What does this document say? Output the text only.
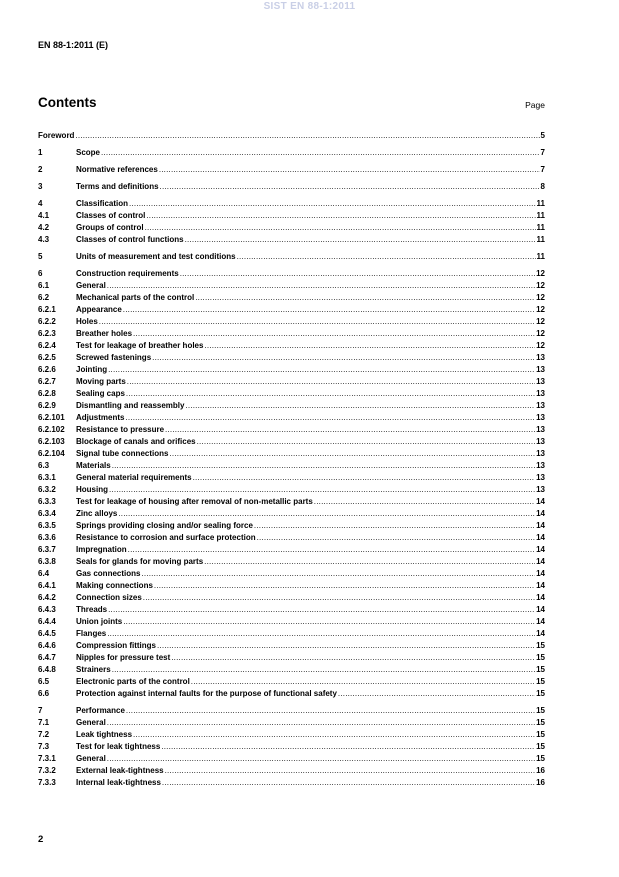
SIST EN 88-1:2011
EN 88-1:2011 (E)
Contents	Page
Foreword .....	5
1	Scope .....	7
2	Normative references .....	7
3	Terms and definitions .....	8
4	Classification .....	11
4.1	Classes of control .....	11
4.2	Groups of control .....	11
4.3	Classes of control functions .....	11
5	Units of measurement and test conditions .....	11
6	Construction requirements .....	12
6.1	General .....	12
6.2	Mechanical parts of the control .....	12
6.2.1	Appearance .....	12
6.2.2	Holes .....	12
6.2.3	Breather holes .....	12
6.2.4	Test for leakage of breather holes .....	12
6.2.5	Screwed fastenings .....	13
6.2.6	Jointing .....	13
6.2.7	Moving parts .....	13
6.2.8	Sealing caps .....	13
6.2.9	Dismantling and reassembly .....	13
6.2.101	Adjustments .....	13
6.2.102	Resistance to pressure .....	13
6.2.103	Blockage of canals and orifices .....	13
6.2.104	Signal tube connections .....	13
6.3	Materials .....	13
6.3.1	General material requirements .....	13
6.3.2	Housing .....	13
6.3.3	Test for leakage of housing after removal of non-metallic parts .....	14
6.3.4	Zinc alloys .....	14
6.3.5	Springs providing closing and/or sealing force .....	14
6.3.6	Resistance to corrosion and surface protection .....	14
6.3.7	Impregnation .....	14
6.3.8	Seals for glands for moving parts .....	14
6.4	Gas connections .....	14
6.4.1	Making connections .....	14
6.4.2	Connection sizes .....	14
6.4.3	Threads .....	14
6.4.4	Union joints .....	14
6.4.5	Flanges .....	14
6.4.6	Compression fittings .....	15
6.4.7	Nipples for pressure test .....	15
6.4.8	Strainers .....	15
6.5	Electronic parts of the control .....	15
6.6	Protection against internal faults for the purpose of functional safety .....	15
7	Performance .....	15
7.1	General .....	15
7.2	Leak tightness .....	15
7.3	Test for leak tightness .....	15
7.3.1	General .....	15
7.3.2	External leak-tightness .....	16
7.3.3	Internal leak-tightness .....	16
2
